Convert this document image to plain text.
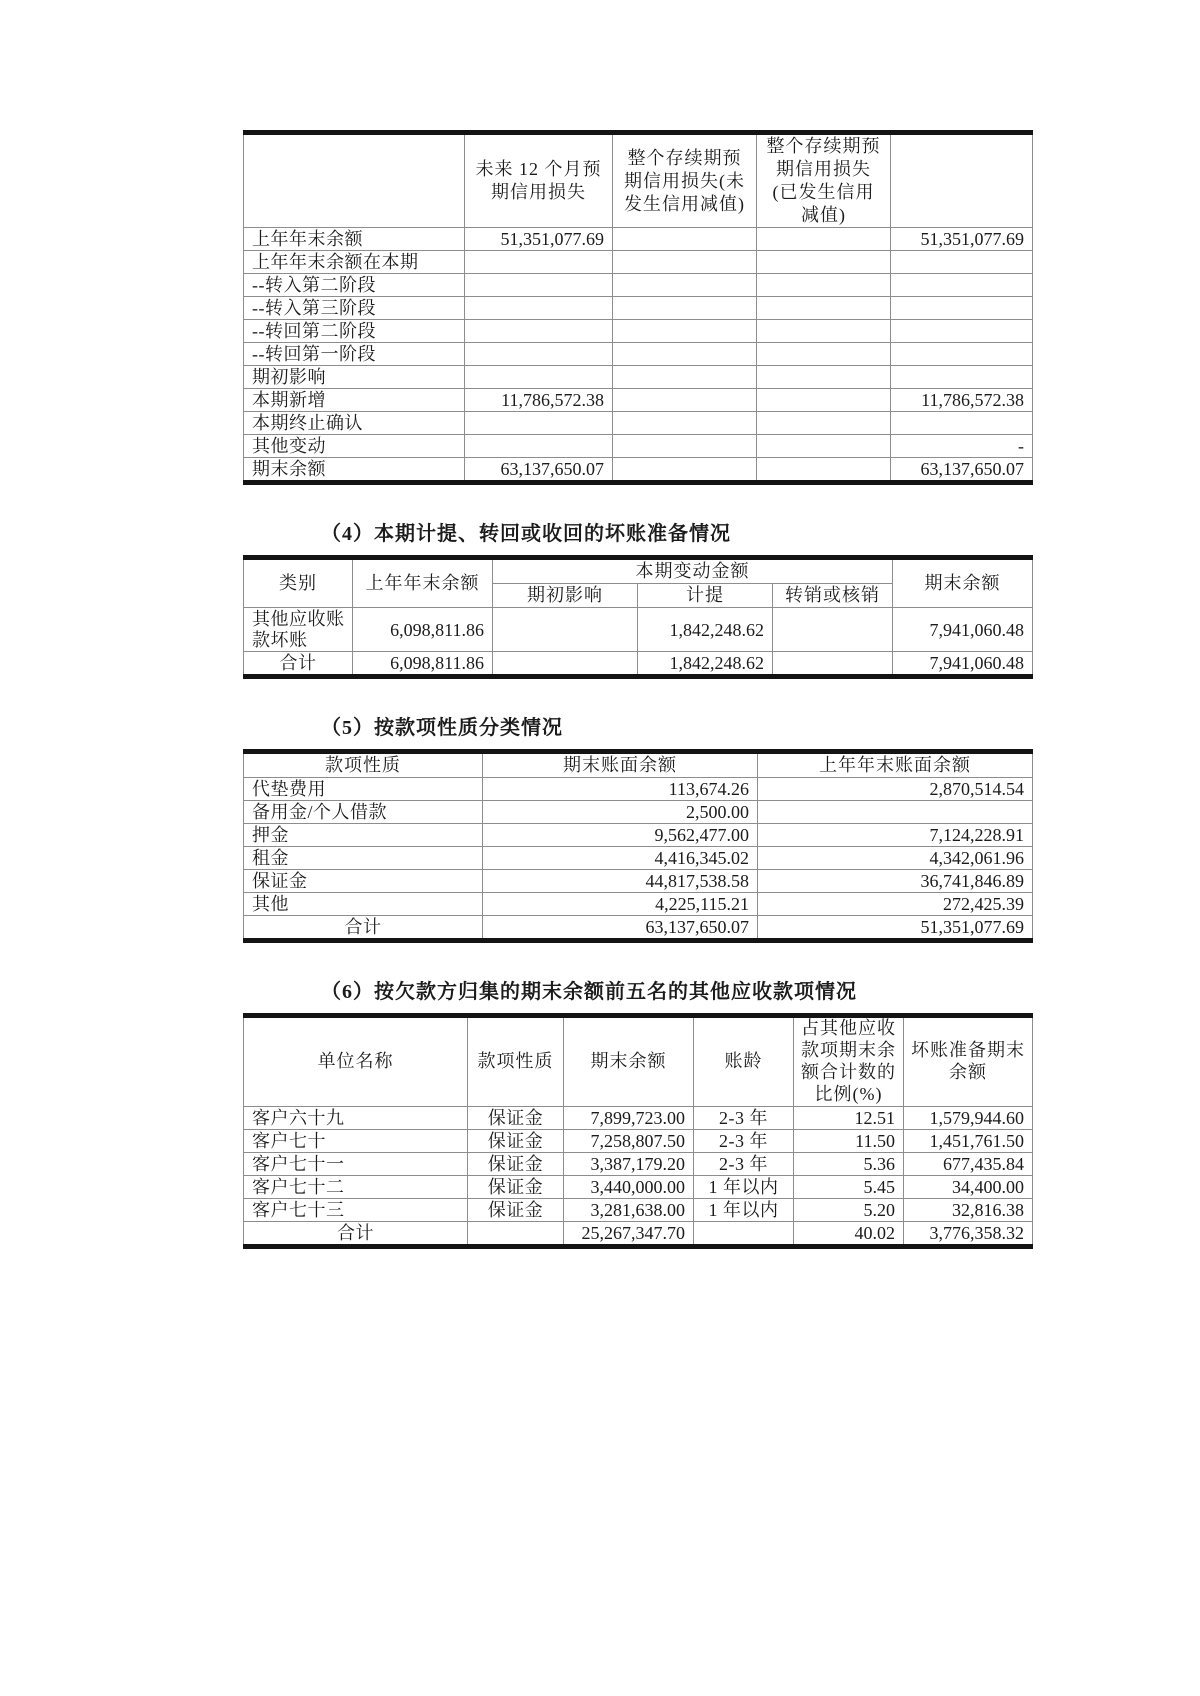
	未来 12 个月预期信用损失	整个存续期预期信用损失(未发生信用减值)	整个存续期预期信用损失(已发生信用减值)	
上年年末余额	51,351,077.69			51,351,077.69
上年年末余额在本期				
--转入第二阶段				
--转入第三阶段				
--转回第二阶段				
--转回第一阶段				
期初影响				
本期新增	11,786,572.38			11,786,572.38
本期终止确认				
其他变动				-
期末余额	63,137,650.07			63,137,650.07
（4）本期计提、转回或收回的坏账准备情况
类别	上年年末余额	本期变动金额			期末余额
		期初影响	计提	转销或核销	
其他应收账款坏账	6,098,811.86		1,842,248.62		7,941,060.48
合计	6,098,811.86		1,842,248.62		7,941,060.48
（5）按款项性质分类情况
款项性质	期末账面余额	上年年末账面余额
代垫费用	113,674.26	2,870,514.54
备用金/个人借款	2,500.00	
押金	9,562,477.00	7,124,228.91
租金	4,416,345.02	4,342,061.96
保证金	44,817,538.58	36,741,846.89
其他	4,225,115.21	272,425.39
合计	63,137,650.07	51,351,077.69
（6）按欠款方归集的期末余额前五名的其他应收款项情况
单位名称	款项性质	期末余额	账龄	占其他应收款项期末余额合计数的比例(%)	坏账准备期末余额
客户六十九	保证金	7,899,723.00	2-3 年	12.51	1,579,944.60
客户七十	保证金	7,258,807.50	2-3 年	11.50	1,451,761.50
客户七十一	保证金	3,387,179.20	2-3 年	5.36	677,435.84
客户七十二	保证金	3,440,000.00	1 年以内	5.45	34,400.00
客户七十三	保证金	3,281,638.00	1 年以内	5.20	32,816.38
合计		25,267,347.70		40.02	3,776,358.32
